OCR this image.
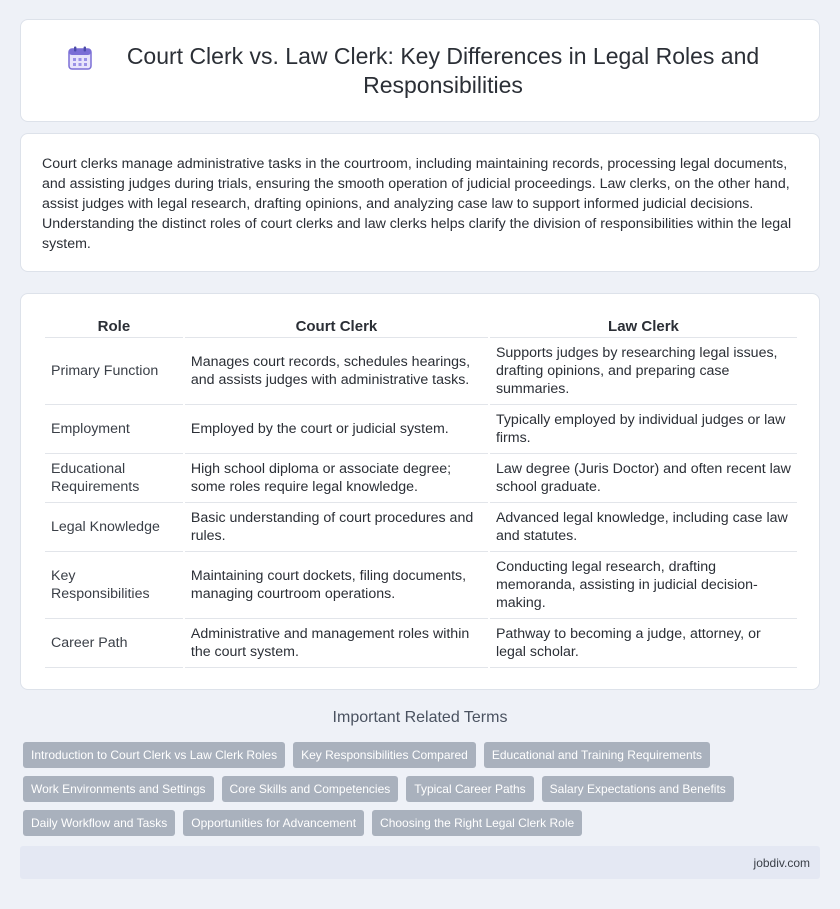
Court Clerk vs. Law Clerk: Key Differences in Legal Roles and Responsibilities

Court clerks manage administrative tasks in the courtroom, including maintaining records, processing legal documents, and assisting judges during trials, ensuring the smooth operation of judicial proceedings. Law clerks, on the other hand, assist judges with legal research, drafting opinions, and analyzing case law to support informed judicial decisions. Understanding the distinct roles of court clerks and law clerks helps clarify the division of responsibilities within the legal system.

Role	Court Clerk	Law Clerk
Primary Function	Manages court records, schedules hearings, and assists judges with administrative tasks.	Supports judges by researching legal issues, drafting opinions, and preparing case summaries.
Employment	Employed by the court or judicial system.	Typically employed by individual judges or law firms.
Educational Requirements	High school diploma or associate degree; some roles require legal knowledge.	Law degree (Juris Doctor) and often recent law school graduate.
Legal Knowledge	Basic understanding of court procedures and rules.	Advanced legal knowledge, including case law and statutes.
Key Responsibilities	Maintaining court dockets, filing documents, managing courtroom operations.	Conducting legal research, drafting memoranda, assisting in judicial decision-making.
Career Path	Administrative and management roles within the court system.	Pathway to becoming a judge, attorney, or legal scholar.
Important Related Terms
Introduction to Court Clerk vs Law Clerk Roles	Key Responsibilities Compared	Educational and Training Requirements
Work Environments and Settings	Core Skills and Competencies	Typical Career Paths	Salary Expectations and Benefits
Daily Workflow and Tasks	Opportunities for Advancement	Choosing the Right Legal Clerk Role
jobdiv.com
